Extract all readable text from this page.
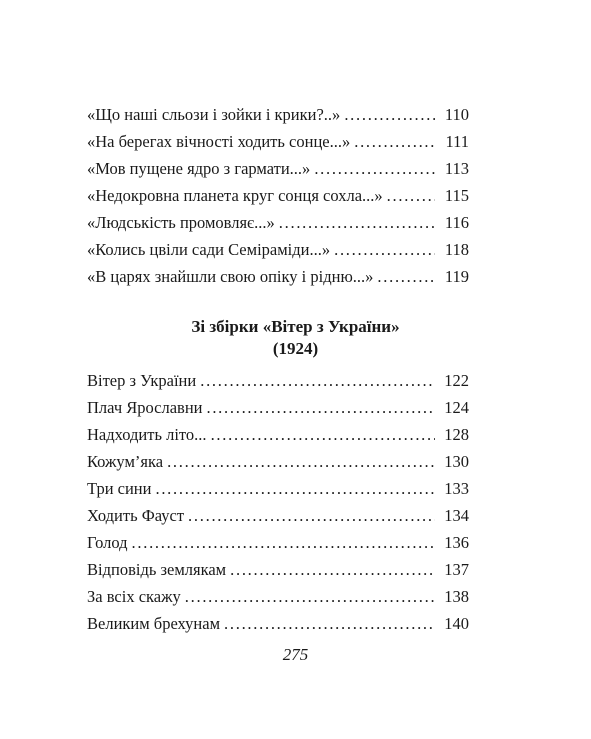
«Що наші сльози і зойки і крики?..» . . .	110
«На берегах вічності ходить сонце...» . . .	111
«Мов пущене ядро з гармати...» . . .	113
«Недокровна планета круг сонця сохла...» . . .	115
«Людськість промовляє...» . . .	116
«Колись цвіли сади Семіраміди...» . . .	118
«В царях знайшли свою опіку і рідню...» . . .	119
Зі збірки «Вітер з України»
(1924)
Вітер з України . . .	122
Плач Ярославни . . .	124
Надходить літо... . . .	128
Кожум’яка . . .	130
Три сини . . .	133
Ходить Фауст . . .	134
Голод . . .	136
Відповідь землякам . . .	137
За всіх скажу . . .	138
Великим брехунам . . .	140
275
